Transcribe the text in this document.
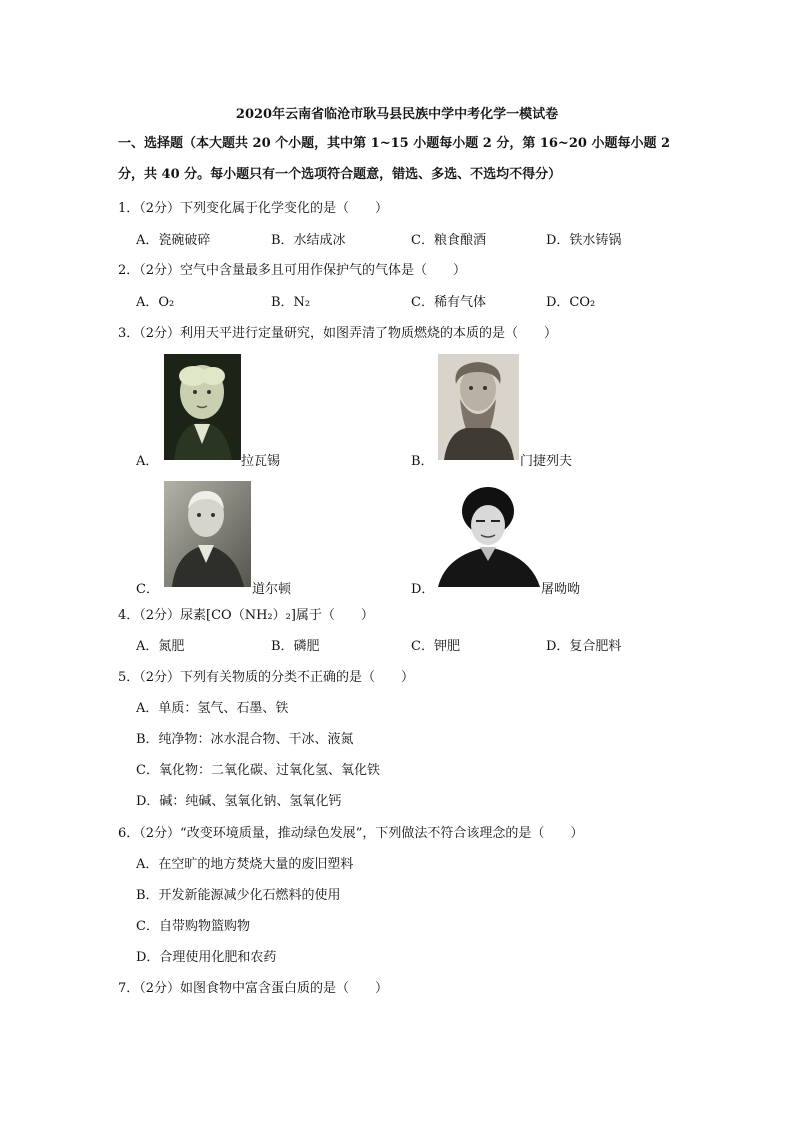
2020年云南省临沧市耿马县民族中学中考化学一模试卷
一、选择题（本大题共 20 个小题，其中第 1~15 小题每小题 2 分，第 16~20 小题每小题 2
分，共 40 分。每小题只有一个选项符合题意，错选、多选、不选均不得分）
1．（2分）下列变化属于化学变化的是（　　）
A．瓷碗破碎	B．水结成冰	C．粮食酿酒	D．铁水铸锅
2．（2分）空气中含量最多且可用作保护气的气体是（　　）
A．O₂	B．N₂	C．稀有气体	D．CO₂
3．（2分）利用天平进行定量研究，如图弄清了物质燃烧的本质的是（　　）
A．	拉瓦锡	B．	门捷列夫
C．	道尔顿	D．	屠呦呦
4．（2分）尿素[CO（NH₂）₂]属于（　　）
A．氮肥	B．磷肥	C．钾肥	D．复合肥料
5．（2分）下列有关物质的分类不正确的是（　　）
A．单质：氢气、石墨、铁
B．纯净物：冰水混合物、干冰、液氮
C．氧化物：二氧化碳、过氧化氢、氧化铁
D．碱：纯碱、氢氧化钠、氢氧化钙
6．（2分）“改变环境质量，推动绿色发展”，下列做法不符合该理念的是（　　）
A．在空旷的地方焚烧大量的废旧塑料
B．开发新能源减少化石燃料的使用
C．自带购物篮购物
D．合理使用化肥和农药
7．（2分）如图食物中富含蛋白质的是（　　）
